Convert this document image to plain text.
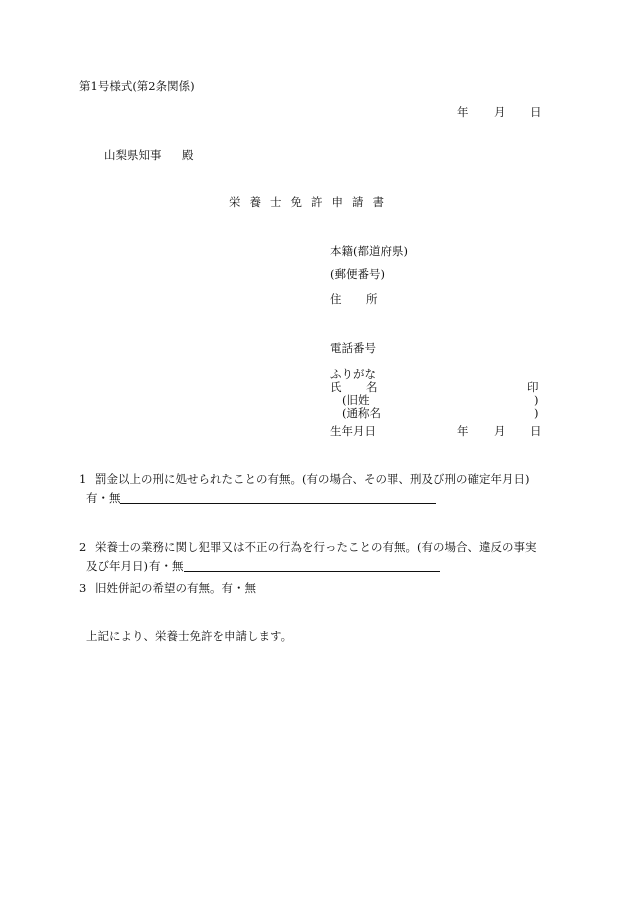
第1号様式(第2条関係)
年 月 日
山梨県知事 殿
栄養士免許申請書
本籍(都道府県)
(郵便番号)
住 所
電話番号
ふりがな
氏 名	印
(旧姓	)
(通称名	)
生年月日	年 月 日
1 罰金以上の刑に処せられたことの有無。(有の場合、その罪、刑及び刑の確定年月日)
有・無
2 栄養士の業務に関し犯罪又は不正の行為を行ったことの有無。(有の場合、違反の事実
及び年月日) 有・無
3 旧姓併記の希望の有無。有・無
上記により、栄養士免許を申請します。
